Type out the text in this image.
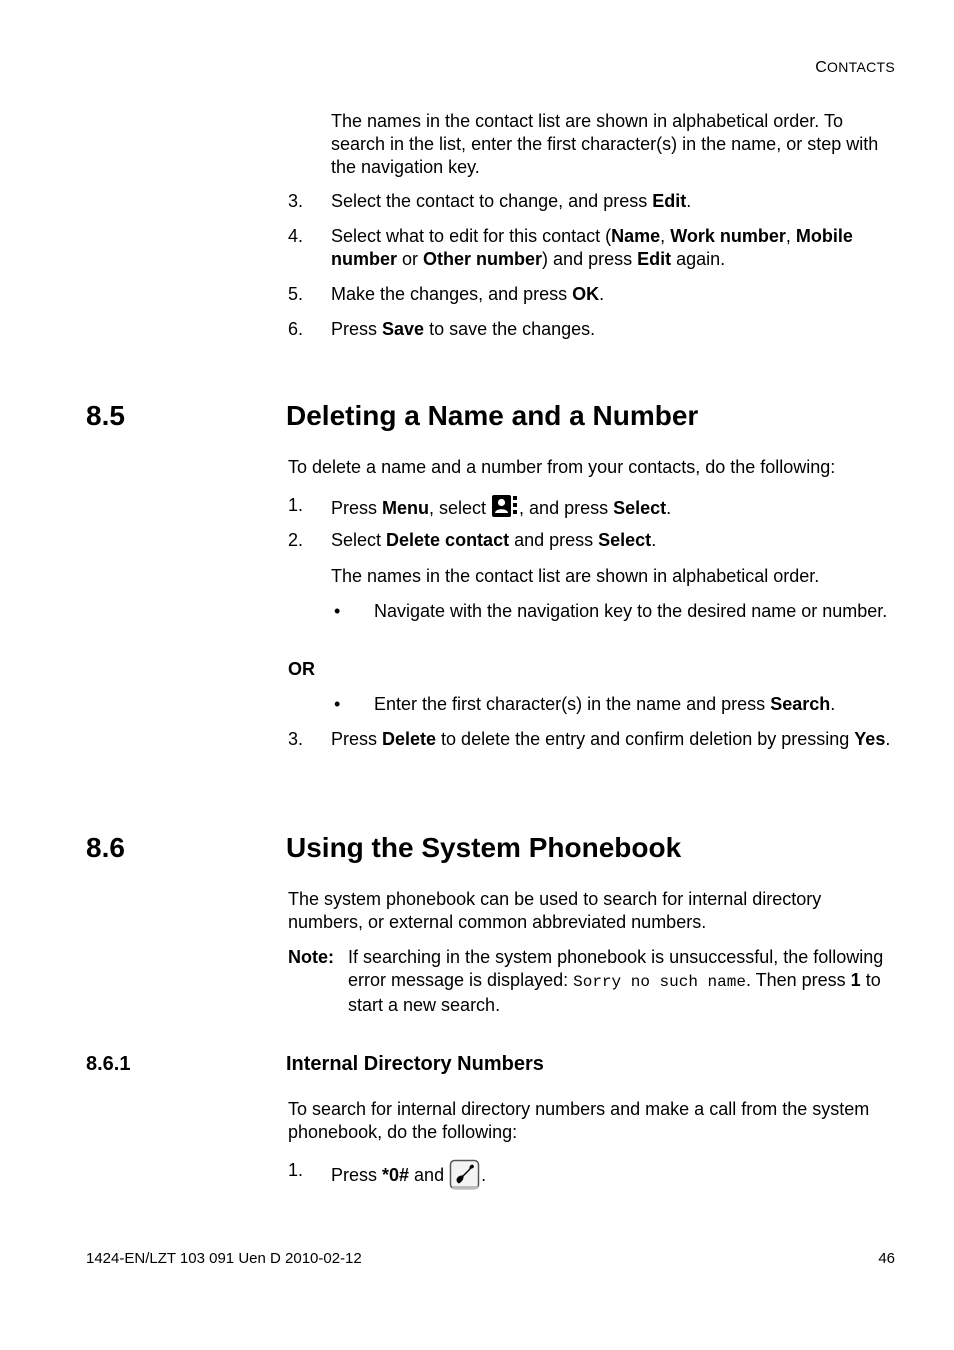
CONTACTS
The names in the contact list are shown in alphabetical order. To search in the list, enter the first character(s) in the name, or step with the navigation key.
3. Select the contact to change, and press Edit.
4. Select what to edit for this contact (Name, Work number, Mobile number or Other number) and press Edit again.
5. Make the changes, and press OK.
6. Press Save to save the changes.
8.5	Deleting a Name and a Number
To delete a name and a number from your contacts, do the following:
1. Press Menu, select , and press Select.
2. Select Delete contact and press Select.
The names in the contact list are shown in alphabetical order.
• Navigate with the navigation key to the desired name or number.
OR
• Enter the first character(s) in the name and press Search.
3. Press Delete to delete the entry and confirm deletion by pressing Yes.
8.6	Using the System Phonebook
The system phonebook can be used to search for internal directory numbers, or external common abbreviated numbers.
Note: If searching in the system phonebook is unsuccessful, the following error message is displayed: Sorry no such name. Then press 1 to start a new search.
8.6.1	Internal Directory Numbers
To search for internal directory numbers and make a call from the system phonebook, do the following:
1. Press *0# and .
1424-EN/LZT 103 091 Uen D 2010-02-12	46
